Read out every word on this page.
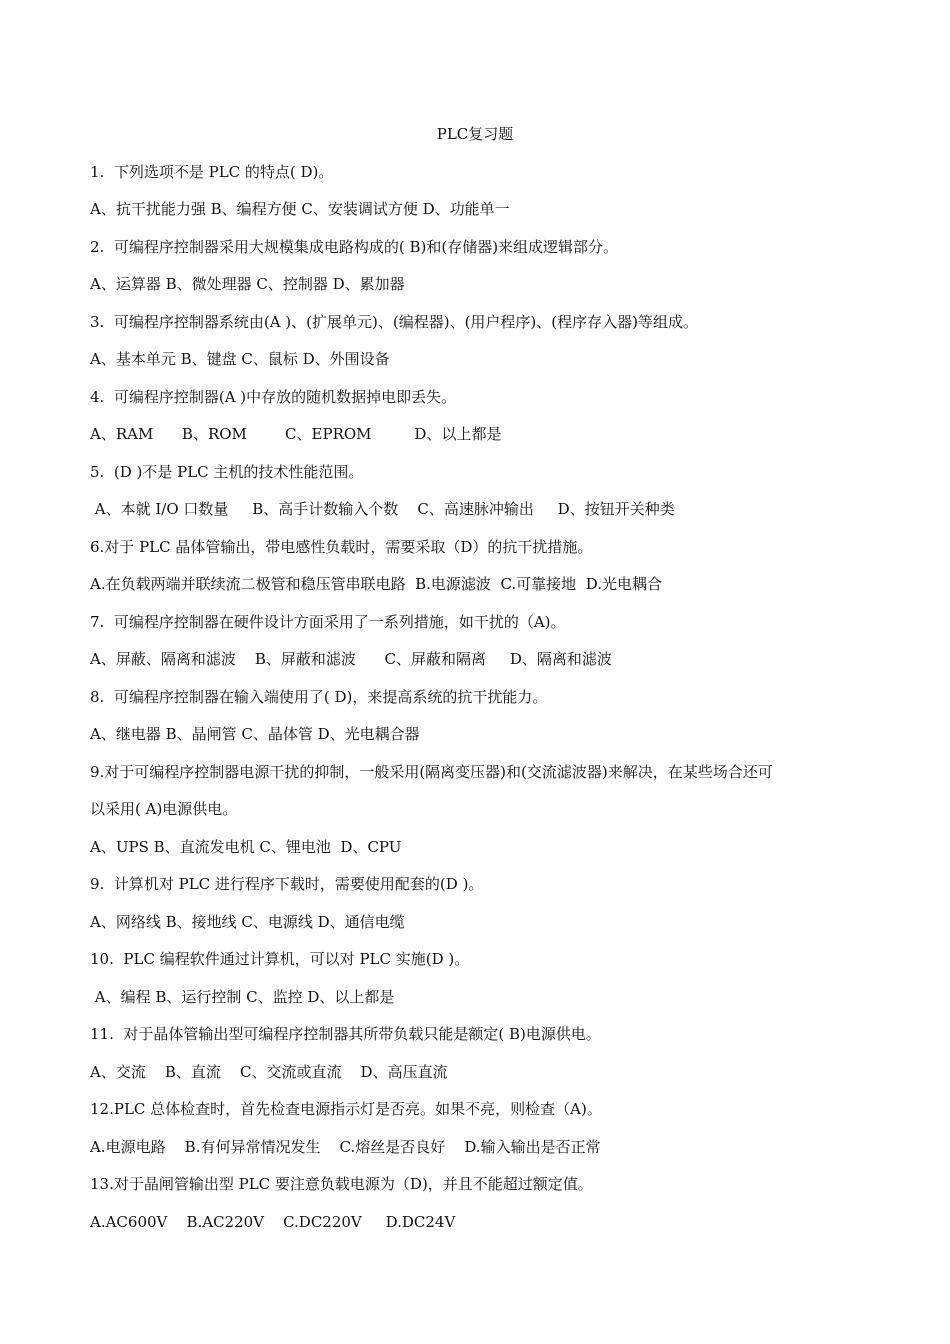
PLC复习题
1.  下列选项不是 PLC 的特点( D)。
A、抗干扰能力强 B、编程方便 C、安装调试方便 D、功能单一
2.  可编程序控制器采用大规模集成电路构成的( B)和(存储器)来组成逻辑部分。
A、运算器 B、微处理器 C、控制器 D、累加器
3.  可编程序控制器系统由(A )、(扩展单元)、(编程器)、(用户程序)、(程序存入器)等组成。
A、基本单元 B、键盘 C、鼠标 D、外围设备
4.  可编程序控制器(A )中存放的随机数据掉电即丢失。
A、RAM      B、ROM        C、EPROM         D、以上都是
5.  (D )不是 PLC 主机的技术性能范围。
A、本就 I/O 口数量     B、高手计数输入个数    C、高速脉冲输出     D、按钮开关种类
6.对于 PLC 晶体管输出，带电感性负载时，需要采取（D）的抗干扰措施。
A.在负载两端并联续流二极管和稳压管串联电路  B.电源滤波  C.可靠接地  D.光电耦合
7.  可编程序控制器在硬件设计方面采用了一系列措施，如干扰的（A)。
A、屏蔽、隔离和滤波    B、屏蔽和滤波      C、屏蔽和隔离     D、隔离和滤波
8.  可编程序控制器在输入端使用了( D)，来提高系统的抗干扰能力。
A、继电器 B、晶闸管 C、晶体管 D、光电耦合器
9.对于可编程序控制器电源干扰的抑制，一般采用(隔离变压器)和(交流滤波器)来解决，在某些场合还可
以采用( A)电源供电。
A、UPS B、直流发电机 C、锂电池  D、CPU
9.  计算机对 PLC 进行程序下载时，需要使用配套的(D )。
A、网络线 B、接地线 C、电源线 D、通信电缆
10.  PLC 编程软件通过计算机，可以对 PLC 实施(D )。
A、编程 B、运行控制 C、监控 D、以上都是
11.  对于晶体管输出型可编程序控制器其所带负载只能是额定( B)电源供电。
A、交流    B、直流    C、交流或直流    D、高压直流
12.PLC 总体检查时，首先检查电源指示灯是否亮。如果不亮，则检查（A)。
A.电源电路    B.有何异常情况发生    C.熔丝是否良好    D.输入输出是否正常
13.对于晶闸管输出型 PLC 要注意负载电源为（D)，并且不能超过额定值。
A.AC600V    B.AC220V    C.DC220V     D.DC24V
